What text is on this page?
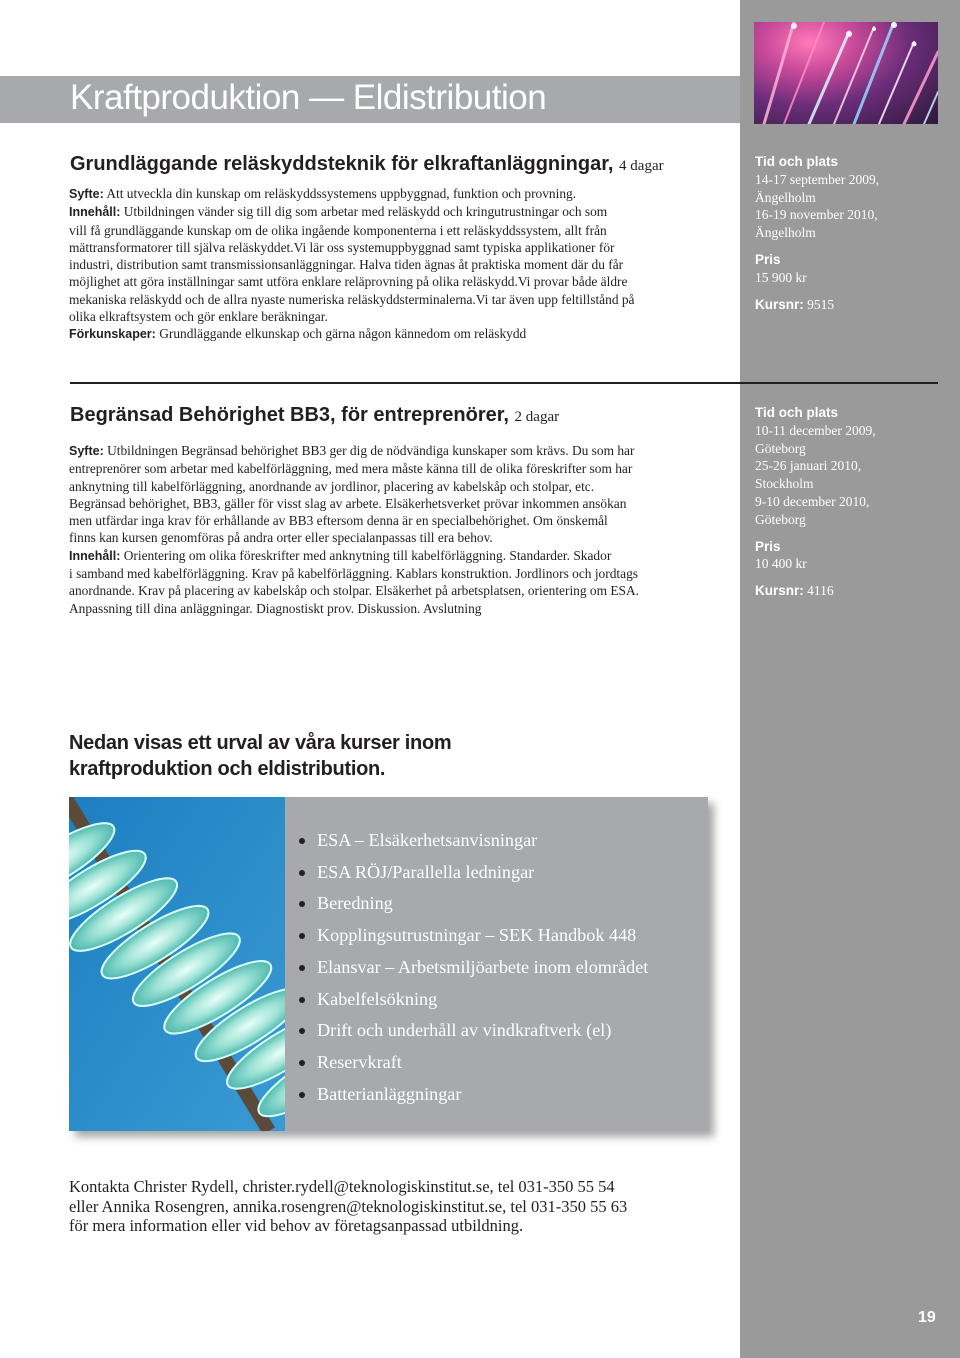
Kraftproduktion — Eldistribution
Grundläggande reläskyddsteknik för elkraftanläggningar, 4 dagar
Syfte: Att utveckla din kunskap om reläskyddssystemens uppbyggnad, funktion och provning.
Innehåll: Utbildningen vänder sig till dig som arbetar med reläskydd och kringutrustningar och som
vill få grundläggande kunskap om de olika ingående komponenterna i ett reläskyddssystem, allt från
mättransformatorer till själva reläskyddet.Vi lär oss systemuppbyggnad samt typiska applikationer för
industri, distribution samt transmissionsanläggningar. Halva tiden ägnas åt praktiska moment där du får
möjlighet att göra inställningar samt utföra enklare reläprovning på olika reläskydd.Vi provar både äldre
mekaniska reläskydd och de allra nyaste numeriska reläskyddsterminalerna.Vi tar även upp feltillstånd på
olika elkraftsystem och gör enklare beräkningar.
Förkunskaper: Grundläggande elkunskap och gärna någon kännedom om reläskydd
Tid och plats
14-17 september 2009,
Ängelholm
16-19 november 2010,
Ängelholm
Pris
15 900 kr
Kursnr: 9515
Begränsad Behörighet BB3, för entreprenörer, 2 dagar
Syfte: Utbildningen Begränsad behörighet BB3 ger dig de nödvändiga kunskaper som krävs. Du som har
entreprenörer som arbetar med kabelförläggning, med mera måste känna till de olika föreskrifter som har
anknytning till kabelförläggning, anordnande av jordlinor, placering av kabelskåp och stolpar, etc.
Begränsad behörighet, BB3, gäller för visst slag av arbete. Elsäkerhetsverket prövar inkommen ansökan
men utfärdar inga krav för erhållande av BB3 eftersom denna är en specialbehörighet. Om önskemål
finns kan kursen genomföras på andra orter eller specialanpassas till era behov.
Innehåll: Orientering om olika föreskrifter med anknytning till kabelförläggning. Standarder. Skador
i samband med kabelförläggning. Krav på kabelförläggning. Kablars konstruktion. Jordlinors och jordtags
anordnande. Krav på placering av kabelskåp och stolpar. Elsäkerhet på arbetsplatsen, orientering om ESA.
Anpassning till dina anläggningar. Diagnostiskt prov. Diskussion. Avslutning
Tid och plats
10-11 december 2009,
Göteborg
25-26 januari 2010,
Stockholm
9-10 december 2010,
Göteborg
Pris
10 400 kr
Kursnr: 4116
Nedan visas ett urval av våra kurser inom
kraftproduktion och eldistribution.
ESA – Elsäkerhetsanvisningar
ESA RÖJ/Parallella ledningar
Beredning
Kopplingsutrustningar – SEK Handbok 448
Elansvar – Arbetsmiljöarbete inom elområdet
Kabelfelsökning
Drift och underhåll av vindkraftverk (el)
Reservkraft
Batterianläggningar
Kontakta Christer Rydell, christer.rydell@teknologiskinstitut.se, tel 031-350 55 54
eller Annika Rosengren, annika.rosengren@teknologiskinstitut.se, tel 031-350 55 63
för mera information eller vid behov av företagsanpassad utbildning.
19
